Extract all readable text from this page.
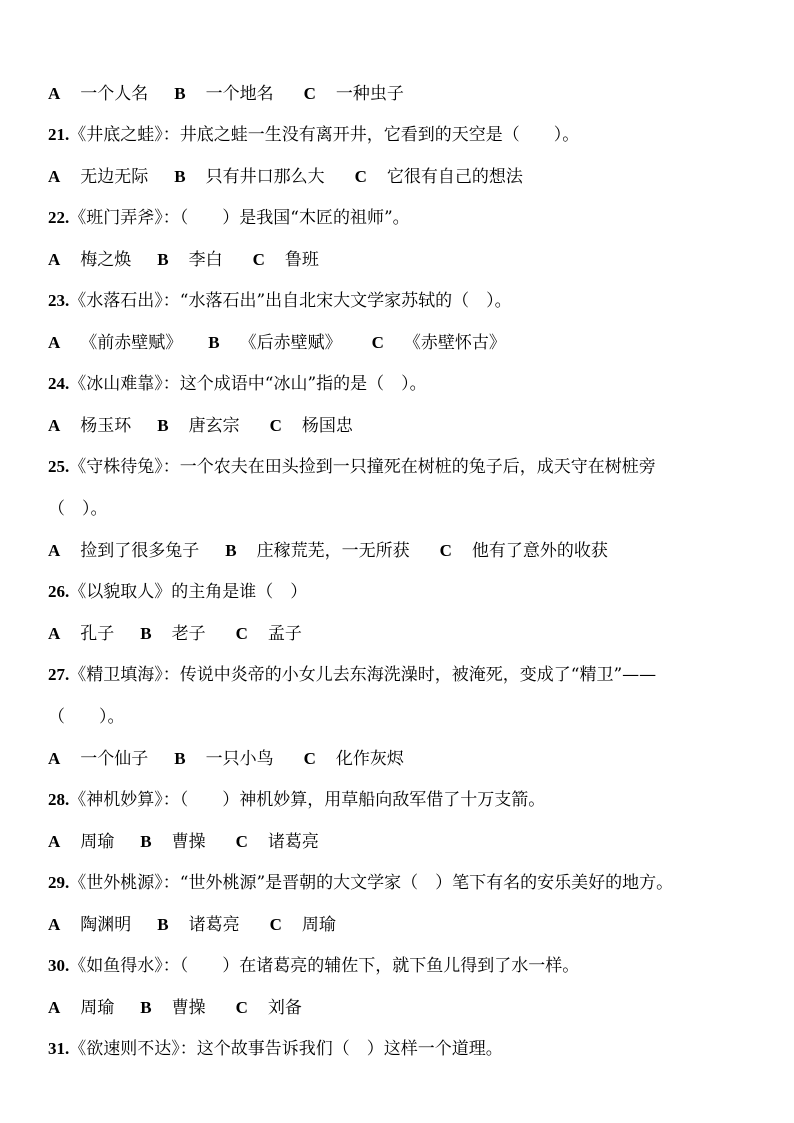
A 一个人名 B 一个地名 C 一种虫子
21.《井底之蛙》：井底之蛙一生没有离开井，它看到的天空是（　　）。
A 无边无际 B 只有井口那么大 C 它很有自己的想法
22.《班门弄斧》：（　　）是我国“木匠的祖师”。
A 梅之焕 B 李白 C 鲁班
23.《水落石出》：“水落石出”出自北宋大文学家苏轼的（　）。
A 《前赤壁赋》 B 《后赤壁赋》 C 《赤壁怀古》
24.《冰山难靠》：这个成语中“冰山”指的是（　）。
A 杨玉环 B 唐玄宗 C 杨国忠
25.《守株待兔》：一个农夫在田头捡到一只撞死在树桩的兔子后，成天守在树桩旁
（　）。
A 捡到了很多兔子 B 庄稼荒芜，一无所获 C 他有了意外的收获
26.《以貌取人》的主角是谁（　）
A 孔子 B 老子 C 孟子
27.《精卫填海》：传说中炎帝的小女儿去东海洗澡时，被淹死，变成了“精卫”——
（　　）。
A 一个仙子 B 一只小鸟 C 化作灰烬
28.《神机妙算》：（　　）神机妙算，用草船向敌军借了十万支箭。
A 周瑜 B 曹操 C 诸葛亮
29.《世外桃源》：“世外桃源”是晋朝的大文学家（　）笔下有名的安乐美好的地方。
A 陶渊明 B 诸葛亮 C 周瑜
30.《如鱼得水》：（　　）在诸葛亮的辅佐下，就下鱼儿得到了水一样。
A 周瑜 B 曹操 C 刘备
31.《欲速则不达》：这个故事告诉我们（　）这样一个道理。
